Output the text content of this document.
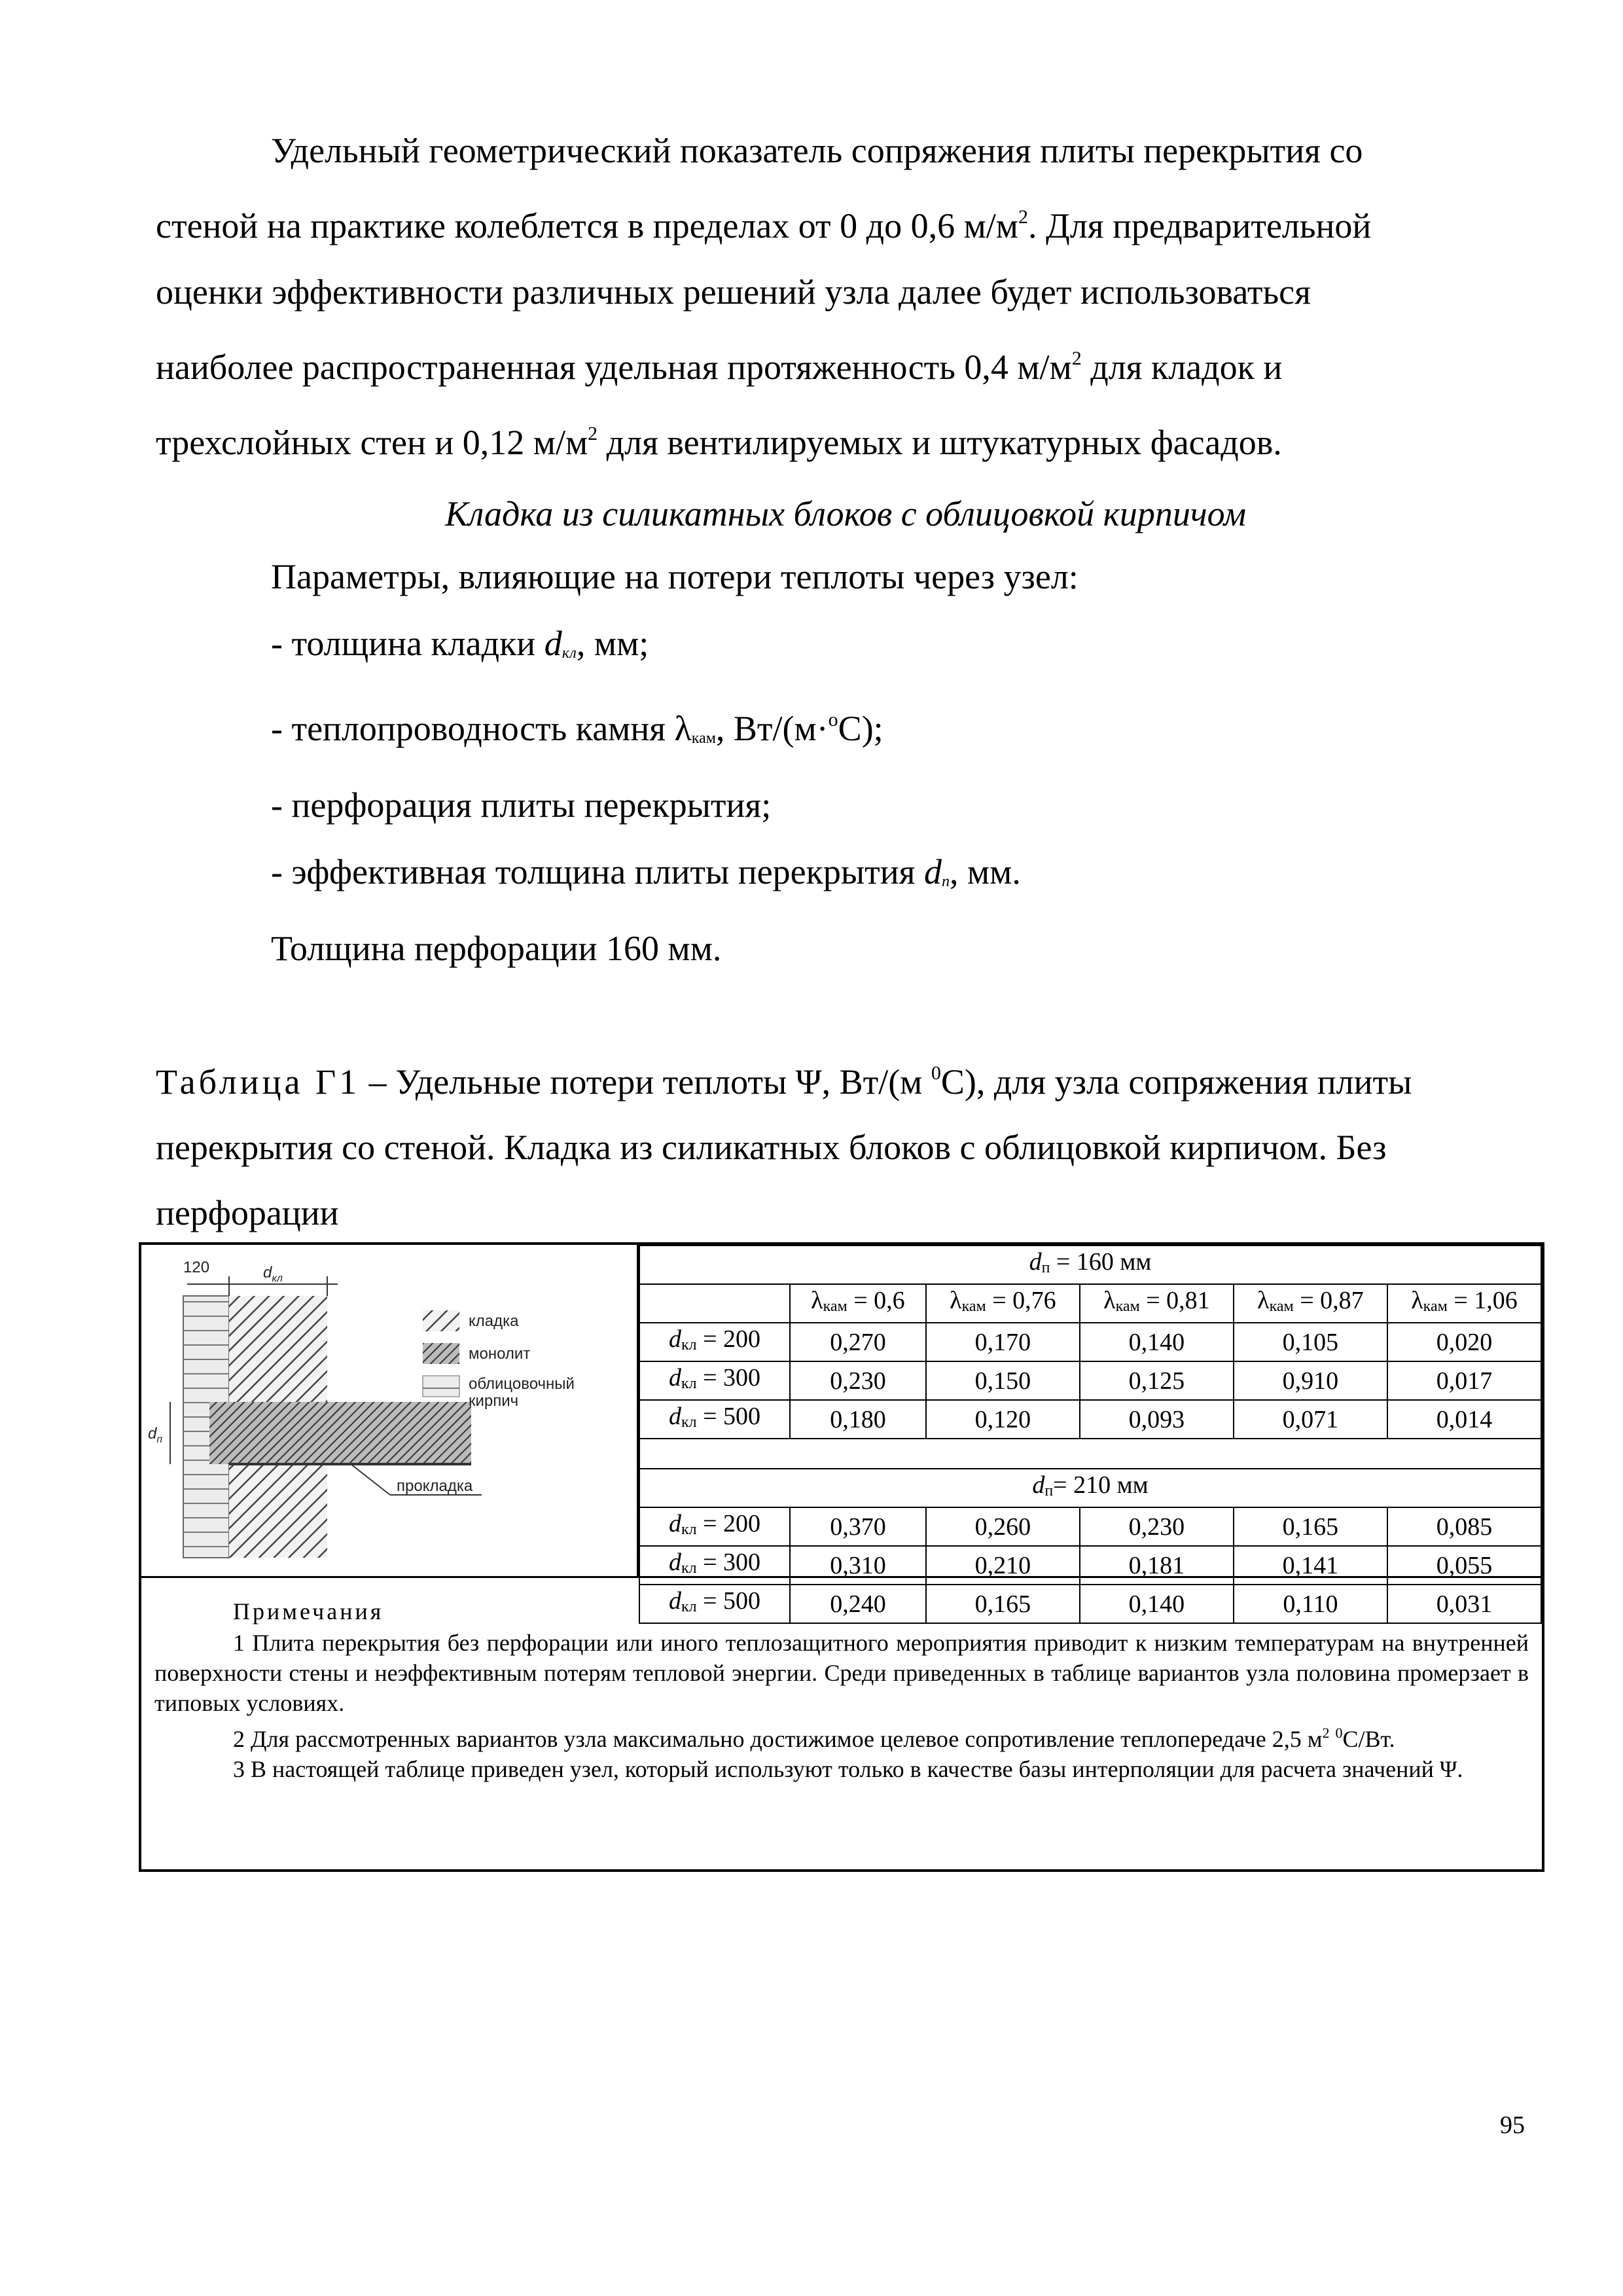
Удельный геометрический показатель сопряжения плиты перекрытия со

стеной на практике колеблется в пределах от 0 до 0,6 $м/м^2$. Для предварительной

оценки эффективности различных решений узла далее будет использоваться

наиболее распространенная удельная протяженность 0,4 $м/м^2$ для кладок и

трехслойных стен и 0,12 $м/м^2$ для вентилируемых и штукатурных фасадов.

Кладка из силикатных блоков с облицовкой кирпичом
Параметры, влияющие на потери теплоты через узел:
- толщина кладки dкл, мм;
- теплопроводность камня λкам, Вт/(м·$^о$С);
- перфорация плиты перекрытия;
- эффективная толщина плиты перекрытия dп, мм.
Толщина перфорации 160 мм.
Таблица Г1 – Удельные потери теплоты Ψ, Вт/(м $^0$С), для узла сопряжения плиты
перекрытия со стеной. Кладка из силикатных блоков с облицовкой кирпичом. Без
перфорации
120	$d_{кл}$
$d_п$
кладка
монолит
облицовочный
кирпич
прокладка
dп = 160 мм					
	λкам = 0,6	λкам = 0,76	λкам = 0,81	λкам = 0,87	λкам = 1,06
dкл = 200	0,270	0,170	0,140	0,105	0,020
dкл = 300	0,230	0,150	0,125	0,910	0,017
dкл = 500	0,180	0,120	0,093	0,071	0,014

dп= 210 мм					
dкл = 200	0,370	0,260	0,230	0,165	0,085
dкл = 300	0,310	0,210	0,181	0,141	0,055
dкл = 500	0,240	0,165	0,140	0,110	0,031

Примечания

1 Плита перекрытия без перфорации или иного теплозащитного мероприятия приводит к низким температурам на внутренней поверхности стены и неэффективным потерям тепловой энергии. Среди приведенных в таблице вариантов узла половина промерзает в типовых условиях.

2 Для рассмотренных вариантов узла максимально достижимое целевое сопротивление теплопередаче 2,5 $м^2$ $^0$С/Вт.

3 В настоящей таблице приведен узел, который используют только в качестве базы интерполяции для расчета значений Ψ.

95
